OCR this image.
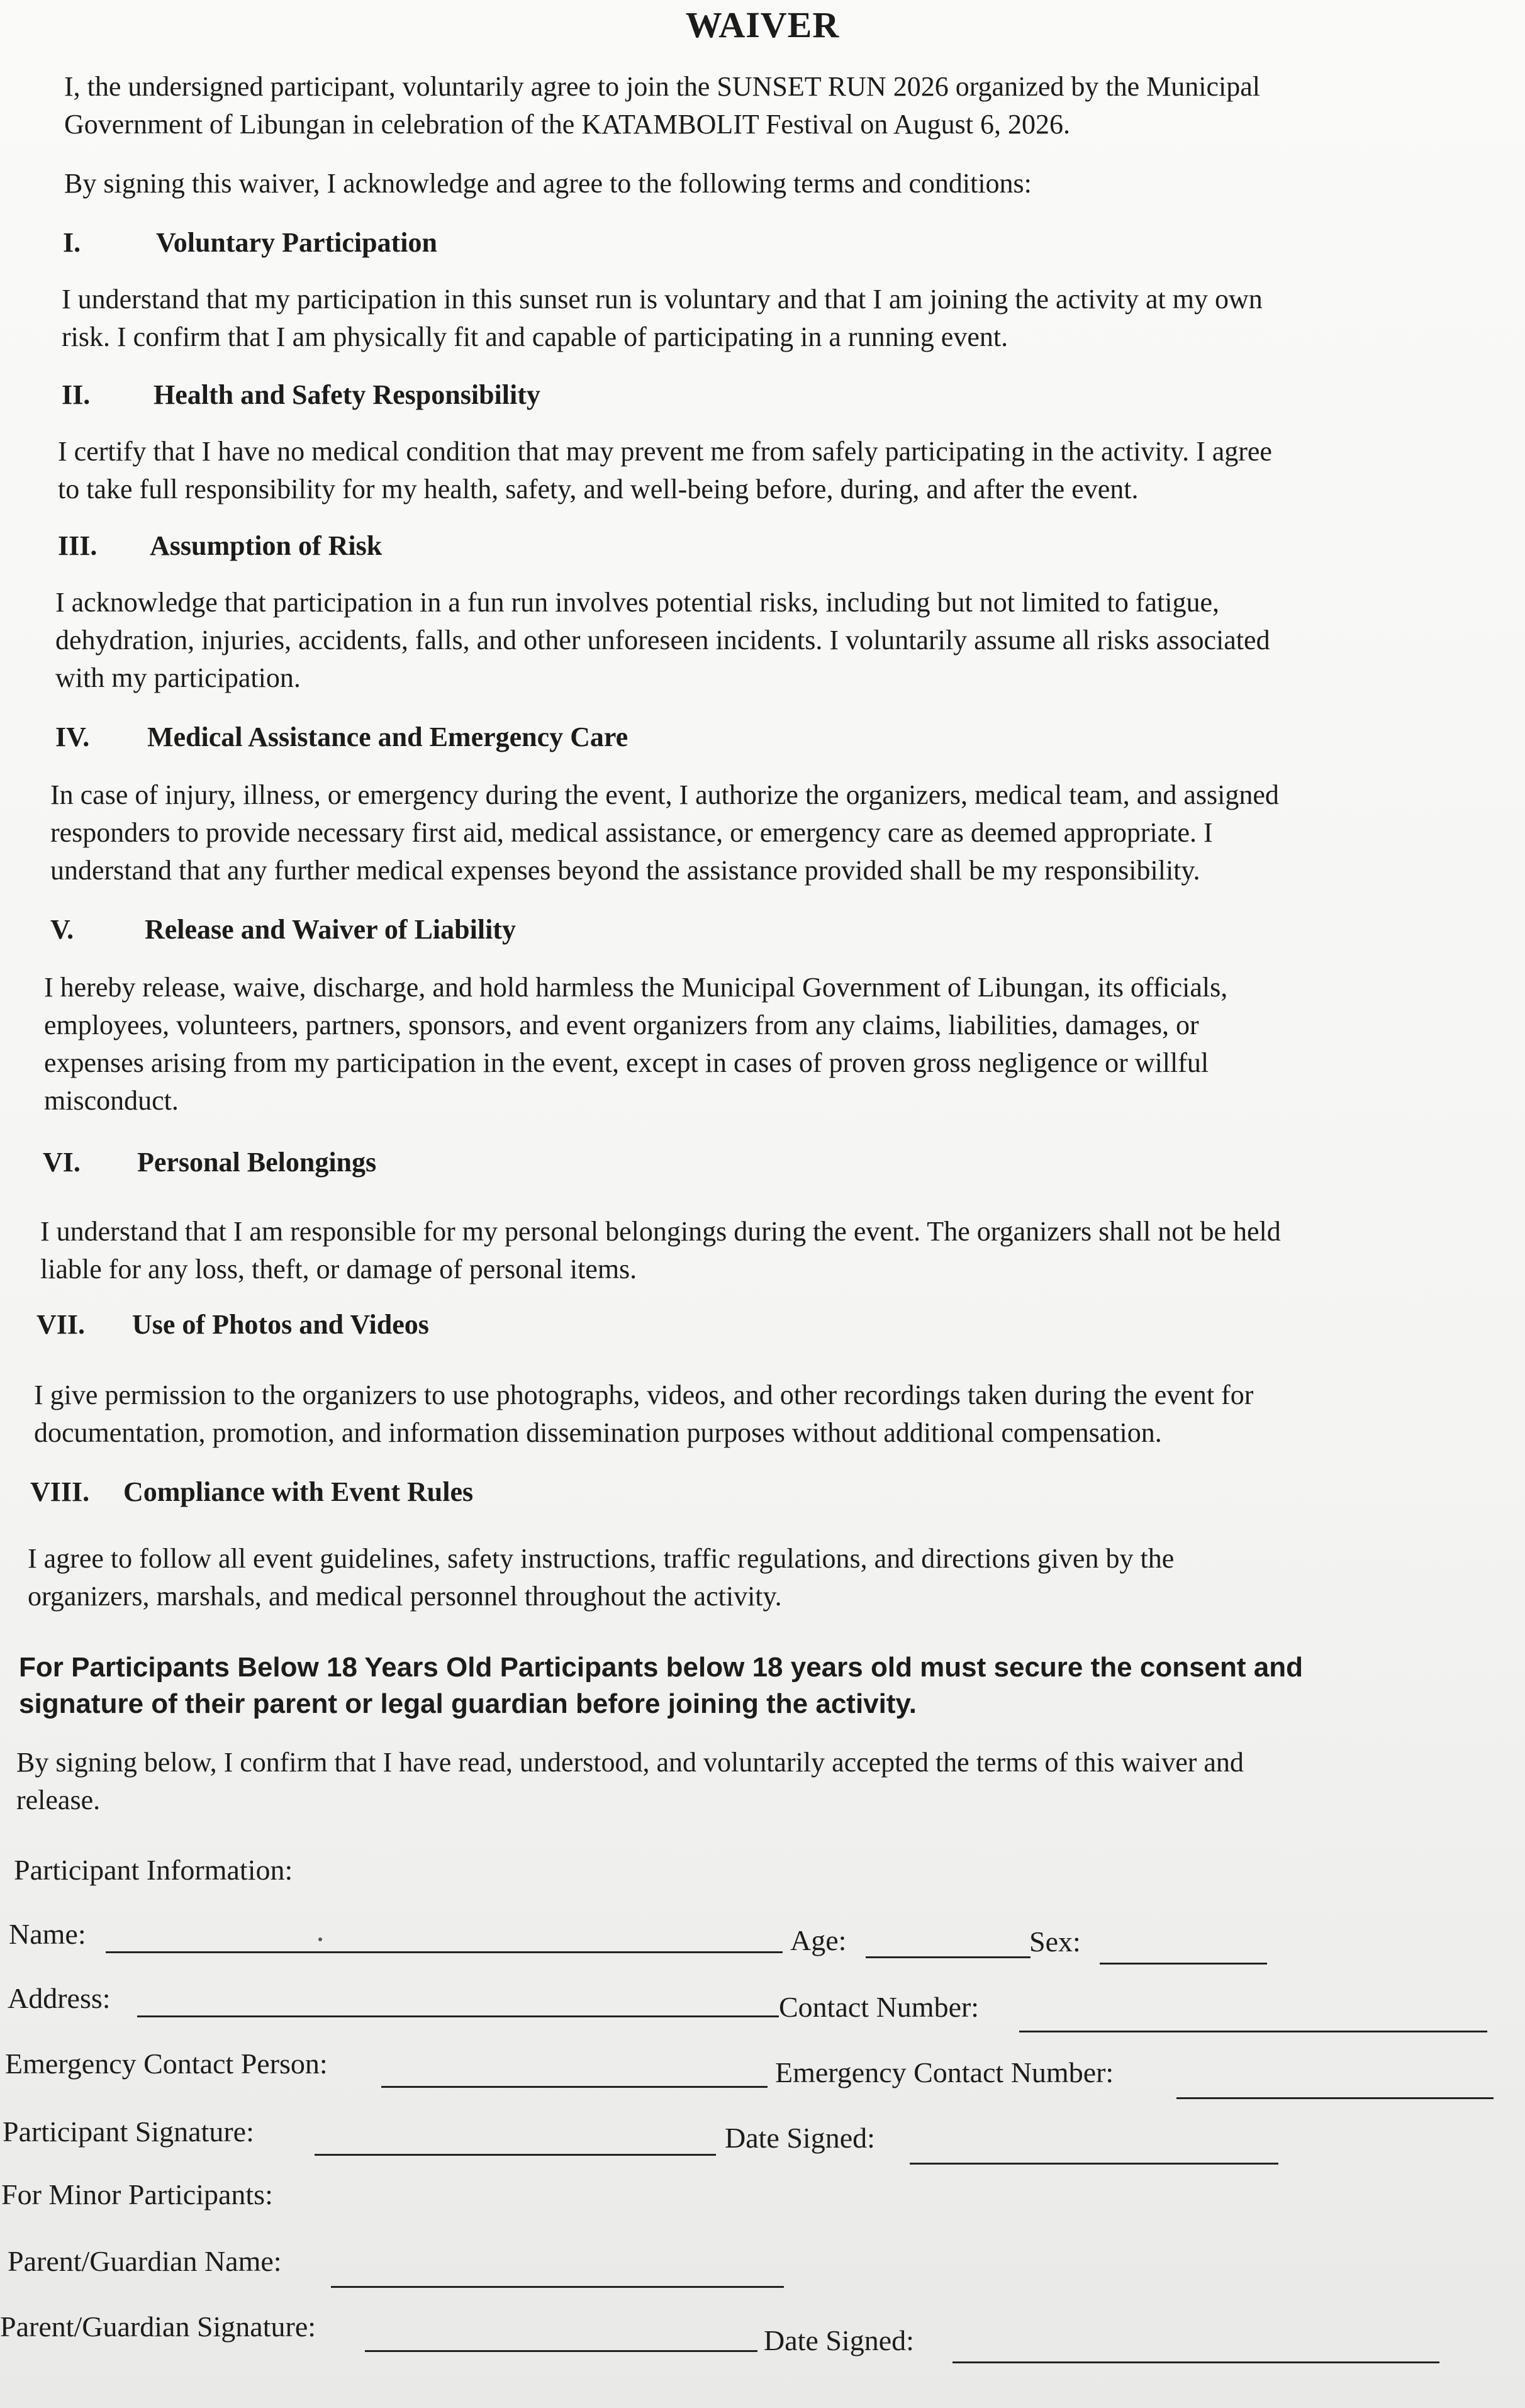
WAIVER
I, the undersigned participant, voluntarily agree to join the SUNSET RUN 2026 organized by the Municipal
Government of Libungan in celebration of the KATAMBOLIT Festival on August 6, 2026.
By signing this waiver, I acknowledge and agree to the following terms and conditions:
I.	Voluntary Participation
I understand that my participation in this sunset run is voluntary and that I am joining the activity at my own
risk. I confirm that I am physically fit and capable of participating in a running event.
II. Health and Safety Responsibility
I certify that I have no medical condition that may prevent me from safely participating in the activity. I agree
to take full responsibility for my health, safety, and well-being before, during, and after the event.
III. Assumption of Risk
I acknowledge that participation in a fun run involves potential risks, including but not limited to fatigue,
dehydration, injuries, accidents, falls, and other unforeseen incidents. I voluntarily assume all risks associated
with my participation.
IV. Medical Assistance and Emergency Care
In case of injury, illness, or emergency during the event, I authorize the organizers, medical team, and assigned
responders to provide necessary first aid, medical assistance, or emergency care as deemed appropriate. I
understand that any further medical expenses beyond the assistance provided shall be my responsibility.
V.	Release and Waiver of Liability
I hereby release, waive, discharge, and hold harmless the Municipal Government of Libungan, its officials,
employees, volunteers, partners, sponsors, and event organizers from any claims, liabilities, damages, or
expenses arising from my participation in the event, except in cases of proven gross negligence or willful
misconduct.
VI. Personal Belongings
I understand that I am responsible for my personal belongings during the event. The organizers shall not be held
liable for any loss, theft, or damage of personal items.
VII. Use of Photos and Videos
I give permission to the organizers to use photographs, videos, and other recordings taken during the event for
documentation, promotion, and information dissemination purposes without additional compensation.
VIII. Compliance with Event Rules
I agree to follow all event guidelines, safety instructions, traffic regulations, and directions given by the
organizers, marshals, and medical personnel throughout the activity.
For Participants Below 18 Years Old Participants below 18 years old must secure the consent and
signature of their parent or legal guardian before joining the activity.
By signing below, I confirm that I have read, understood, and voluntarily accepted the terms of this waiver and
release.
Participant Information:
Name:	Age:	Sex:
Address:	Contact Number:
Emergency Contact Person:	Emergency Contact Number:
Participant Signature:	Date Signed:
For Minor Participants:
Parent/Guardian Name:
Parent/Guardian Signature:	Date Signed:
